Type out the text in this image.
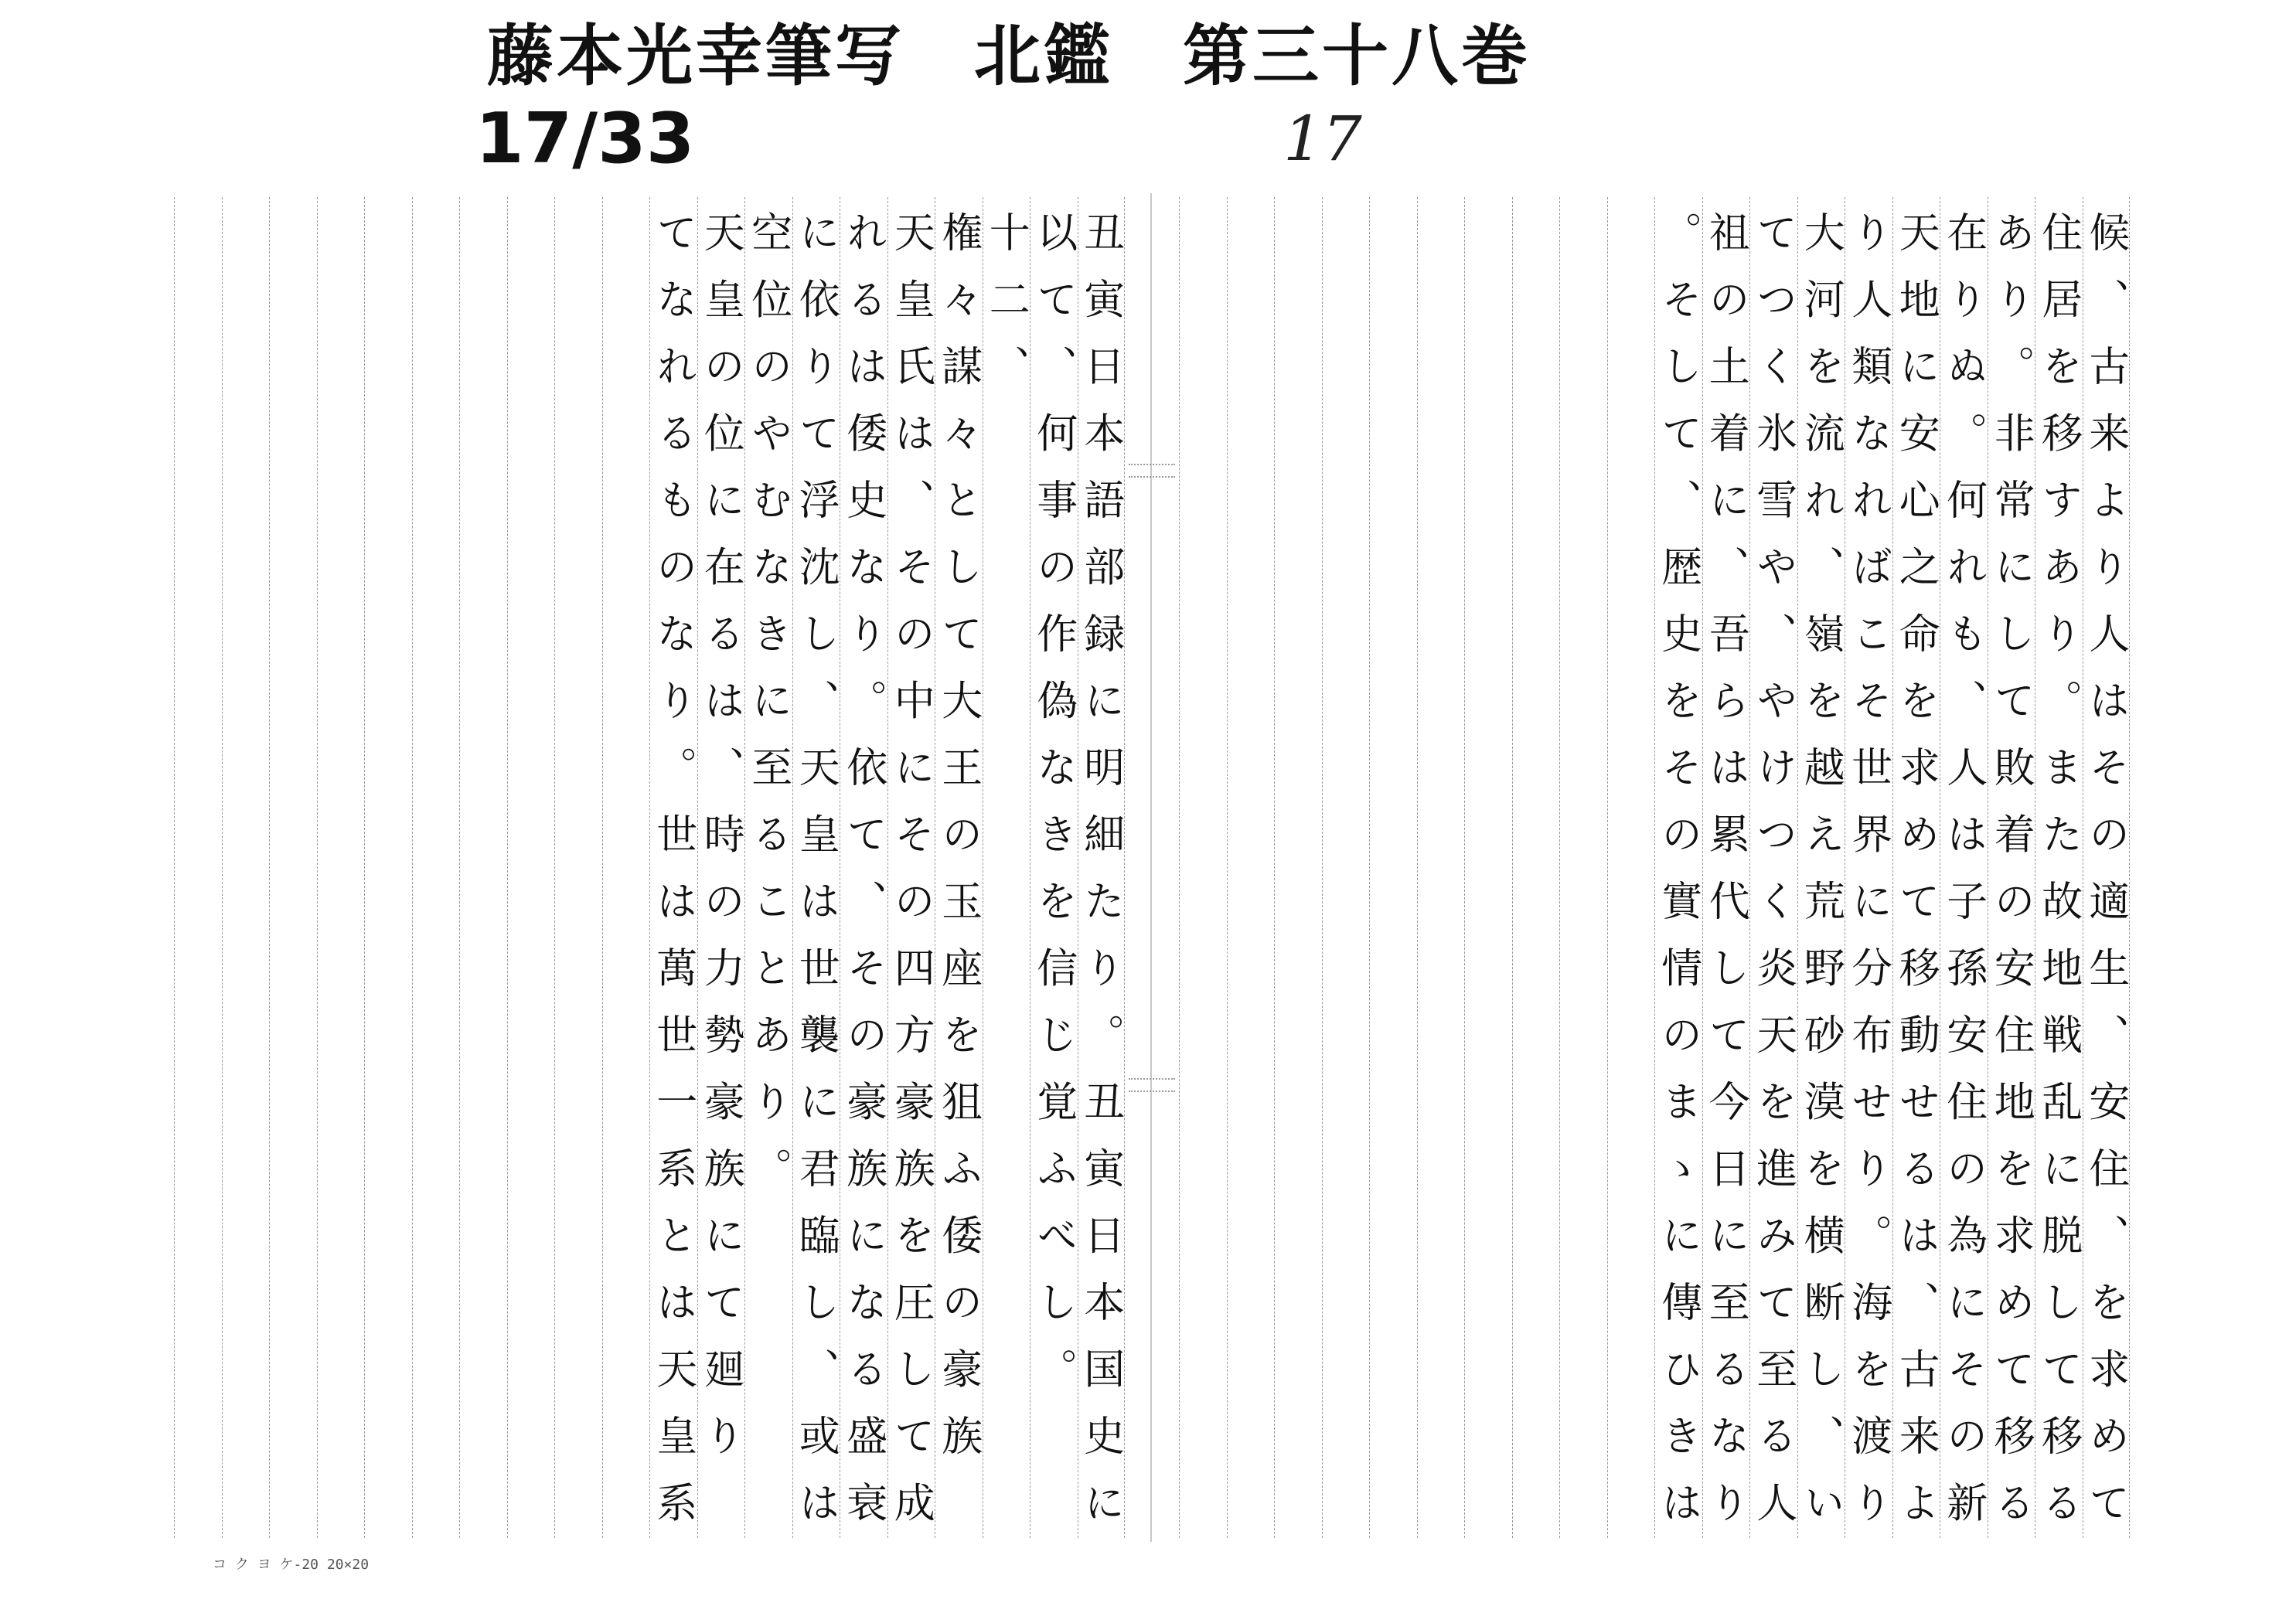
藤本光幸筆写　北鑑　第三十八巻
17/33	17
候、古来より人はその適生、安住、を求めて
住居を移すあり。また故地戦乱に脱して移る
あり。非常にして敗着の安住地を求めて移る
在りぬ。何れも、人は子孫安住の為にその新
天地に安心之命を求めて移動せるは、古来よ
り人類なればこそ世界に分布せり。海を渡り
大河を流れ、嶺を越え荒野砂漠を横断し、い
てつく氷雪や、やけつく炎天を進みて至る人
祖の土着に、吾らは累代して今日に至るなり
。そして、歴史をその實情のまゝに傳ひきは
丑寅日本語部録に明細たり。丑寅日本国史に
以て、何事の作偽なきを信じ覚ふべし。
十二、
権々謀々として大王の玉座を狙ふ倭の豪族
天皇氏は、その中にその四方豪族を圧して成
れるは倭史なり。依て、その豪族になる盛衰
に依りて浮沈し、天皇は世襲に君臨し、或は
空位のやむなきに至ることあり。
天皇の位に在るは、時の力勢豪族にて廻り
てなれるものなり。世は萬世一系とは天皇系
コ ク ヨ ケ-20 20×20
